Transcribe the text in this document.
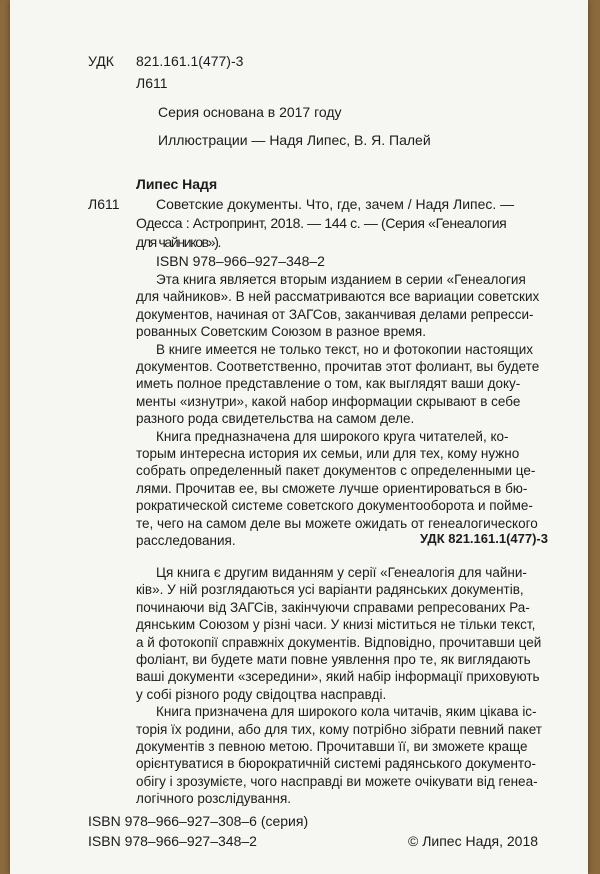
УДК 821.161.1(477)-3
Л611
Серия основана в 2017 году
Иллюстрации — Надя Липес, В. Я. Палей
Липес Надя
Л611	Советские документы. Что, где, зачем / Надя Липес. —
Одесса : Астропринт, 2018. — 144 с. — (Серия «Генеалогия
для чайников»).
ISBN 978–966–927–348–2
Эта книга является вторым изданием в серии «Генеалогия
для чайников». В ней рассматриваются все вариации советских
документов, начиная от ЗАГСов, заканчивая делами репресси-
рованных Советским Союзом в разное время.
В книге имеется не только текст, но и фотокопии настоящих
документов. Соответственно, прочитав этот фолиант, вы будете
иметь полное представление о том, как выглядят ваши доку-
менты «изнутри», какой набор информации скрывают в себе
разного рода свидетельства на самом деле.
Книга предназначена для широкого круга читателей, ко-
торым интересна история их семьи, или для тех, кому нужно
собрать определенный пакет документов с определенными це-
лями. Прочитав ее, вы сможете лучше ориентироваться в бю-
рократической системе советского документооборота и пойме-
те, чего на самом деле вы можете ожидать от генеалогического
расследования.	УДК 821.161.1(477)-3
Ця книга є другим виданням у серії «Генеалогія для чайни-
ків». У ній розглядаються усі варіанти радянських документів,
починаючи від ЗАГСів, закінчуючи справами репресованих Ра-
дянським Союзом у різні часи. У книзі міститься не тільки текст,
а й фотокопії справжніх документів. Відповідно, прочитавши цей
фоліант, ви будете мати повне уявлення про те, як виглядають
ваші документи «зсередини», який набір інформації приховують
у собі різного роду свідоцтва насправді.
Книга призначена для широкого кола читачів, яким цікава іс-
торія їх родини, або для тих, кому потрібно зібрати певний пакет
документів з певною метою. Прочитавши її, ви зможете краще
орієнтуватися в бюрократичній системі радянського документо-
обігу і зрозумієте, чого насправді ви можете очікувати від генеа-
логічного розслідування.
ISBN 978–966–927–308–6 (серия)
ISBN 978–966–927–348–2	© Липес Надя, 2018
